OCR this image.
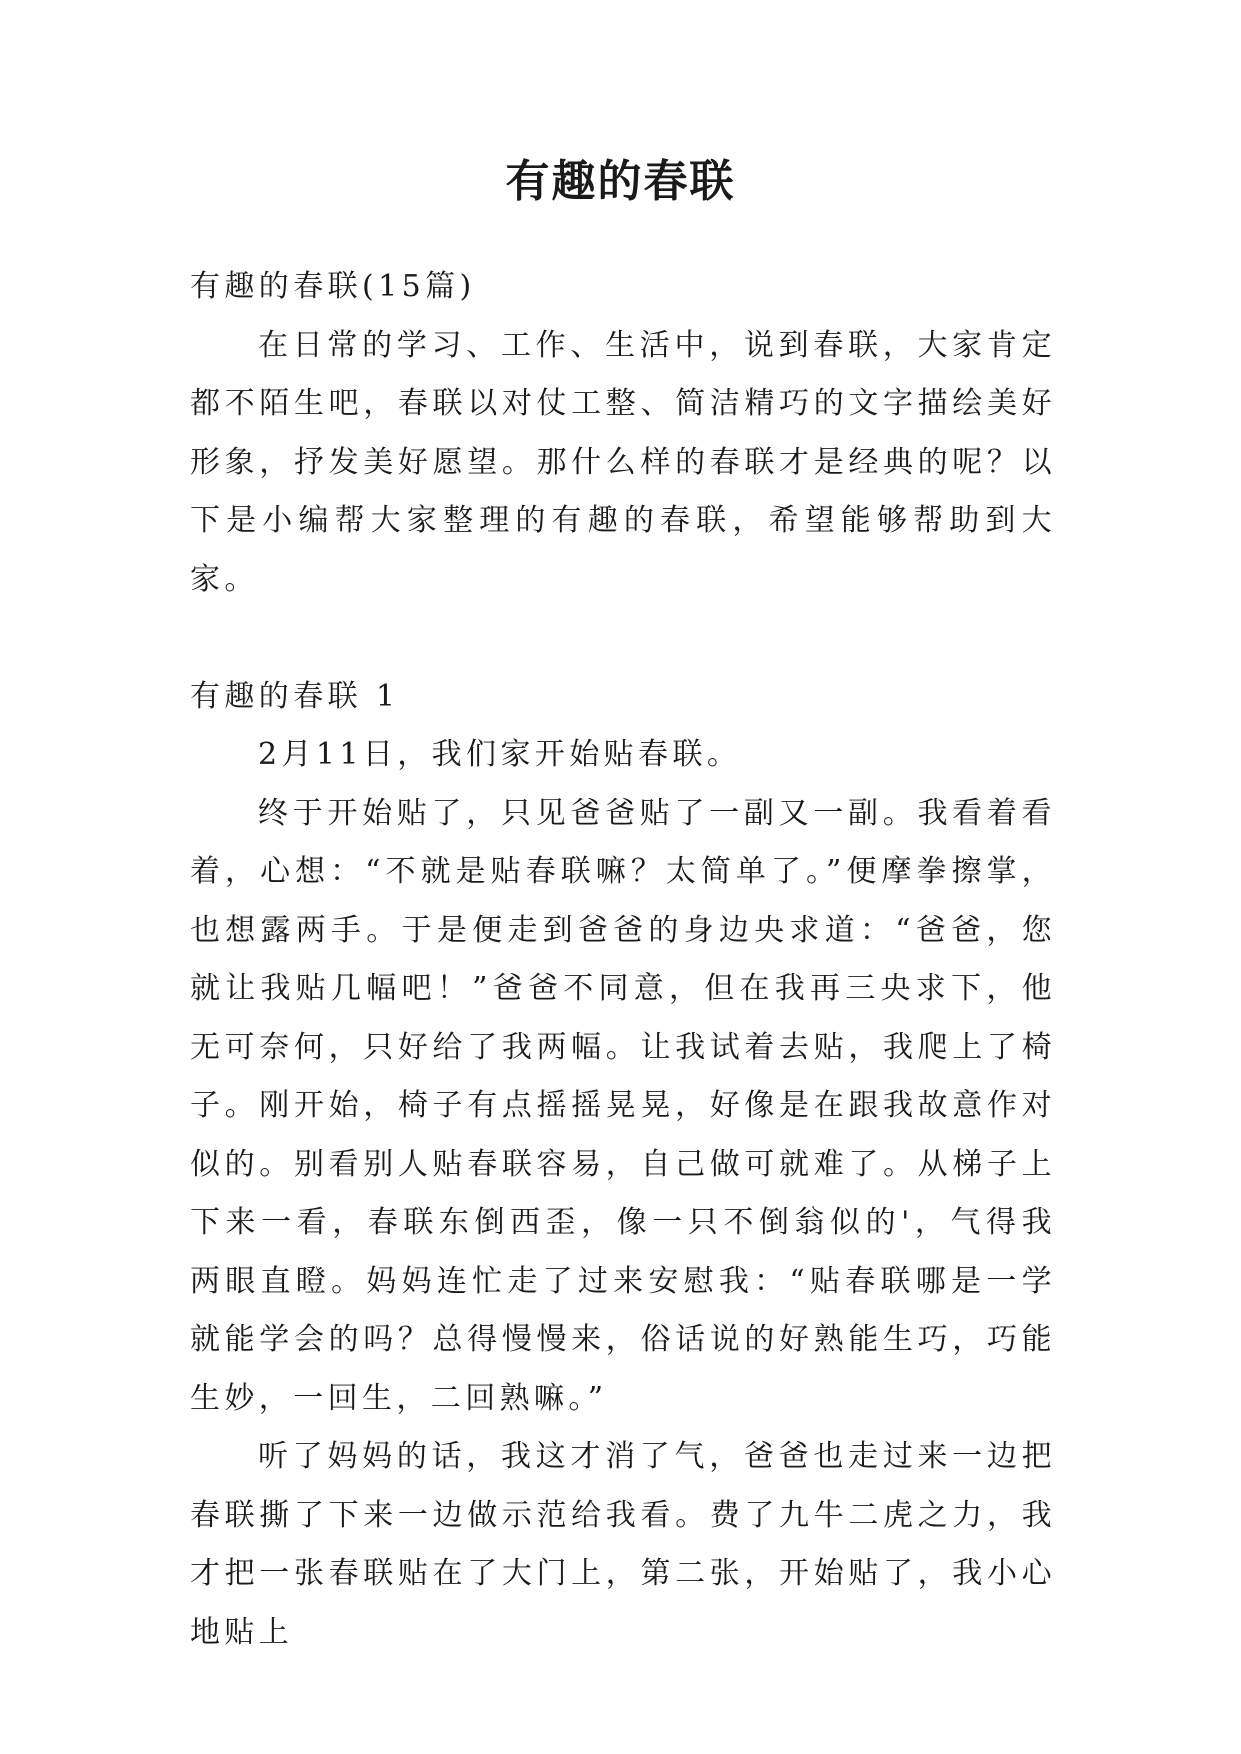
有趣的春联

有趣的春联(15篇)

在日常的学习、工作、生活中，说到春联，大家肯定都不陌生吧，春联以对仗工整、简洁精巧的文字描绘美好形象，抒发美好愿望。那什么样的春联才是经典的呢？以下是小编帮大家整理的有趣的春联，希望能够帮助到大家。

有趣的春联 1

2月11日，我们家开始贴春联。

终于开始贴了，只见爸爸贴了一副又一副。我看着看着，心想：“不就是贴春联嘛？太简单了。”便摩拳擦掌，也想露两手。于是便走到爸爸的身边央求道：“爸爸，您就让我贴几幅吧！”爸爸不同意，但在我再三央求下，他无可奈何，只好给了我两幅。让我试着去贴，我爬上了椅子。刚开始，椅子有点摇摇晃晃，好像是在跟我故意作对似的。别看别人贴春联容易，自己做可就难了。从梯子上下来一看，春联东倒西歪，像一只不倒翁似的'，气得我两眼直瞪。妈妈连忙走了过来安慰我：“贴春联哪是一学就能学会的吗？总得慢慢来，俗话说的好熟能生巧，巧能生妙，一回生，二回熟嘛。”

听了妈妈的话，我这才消了气，爸爸也走过来一边把春联撕了下来一边做示范给我看。费了九牛二虎之力，我才把一张春联贴在了大门上，第二张，开始贴了，我小心地贴上
